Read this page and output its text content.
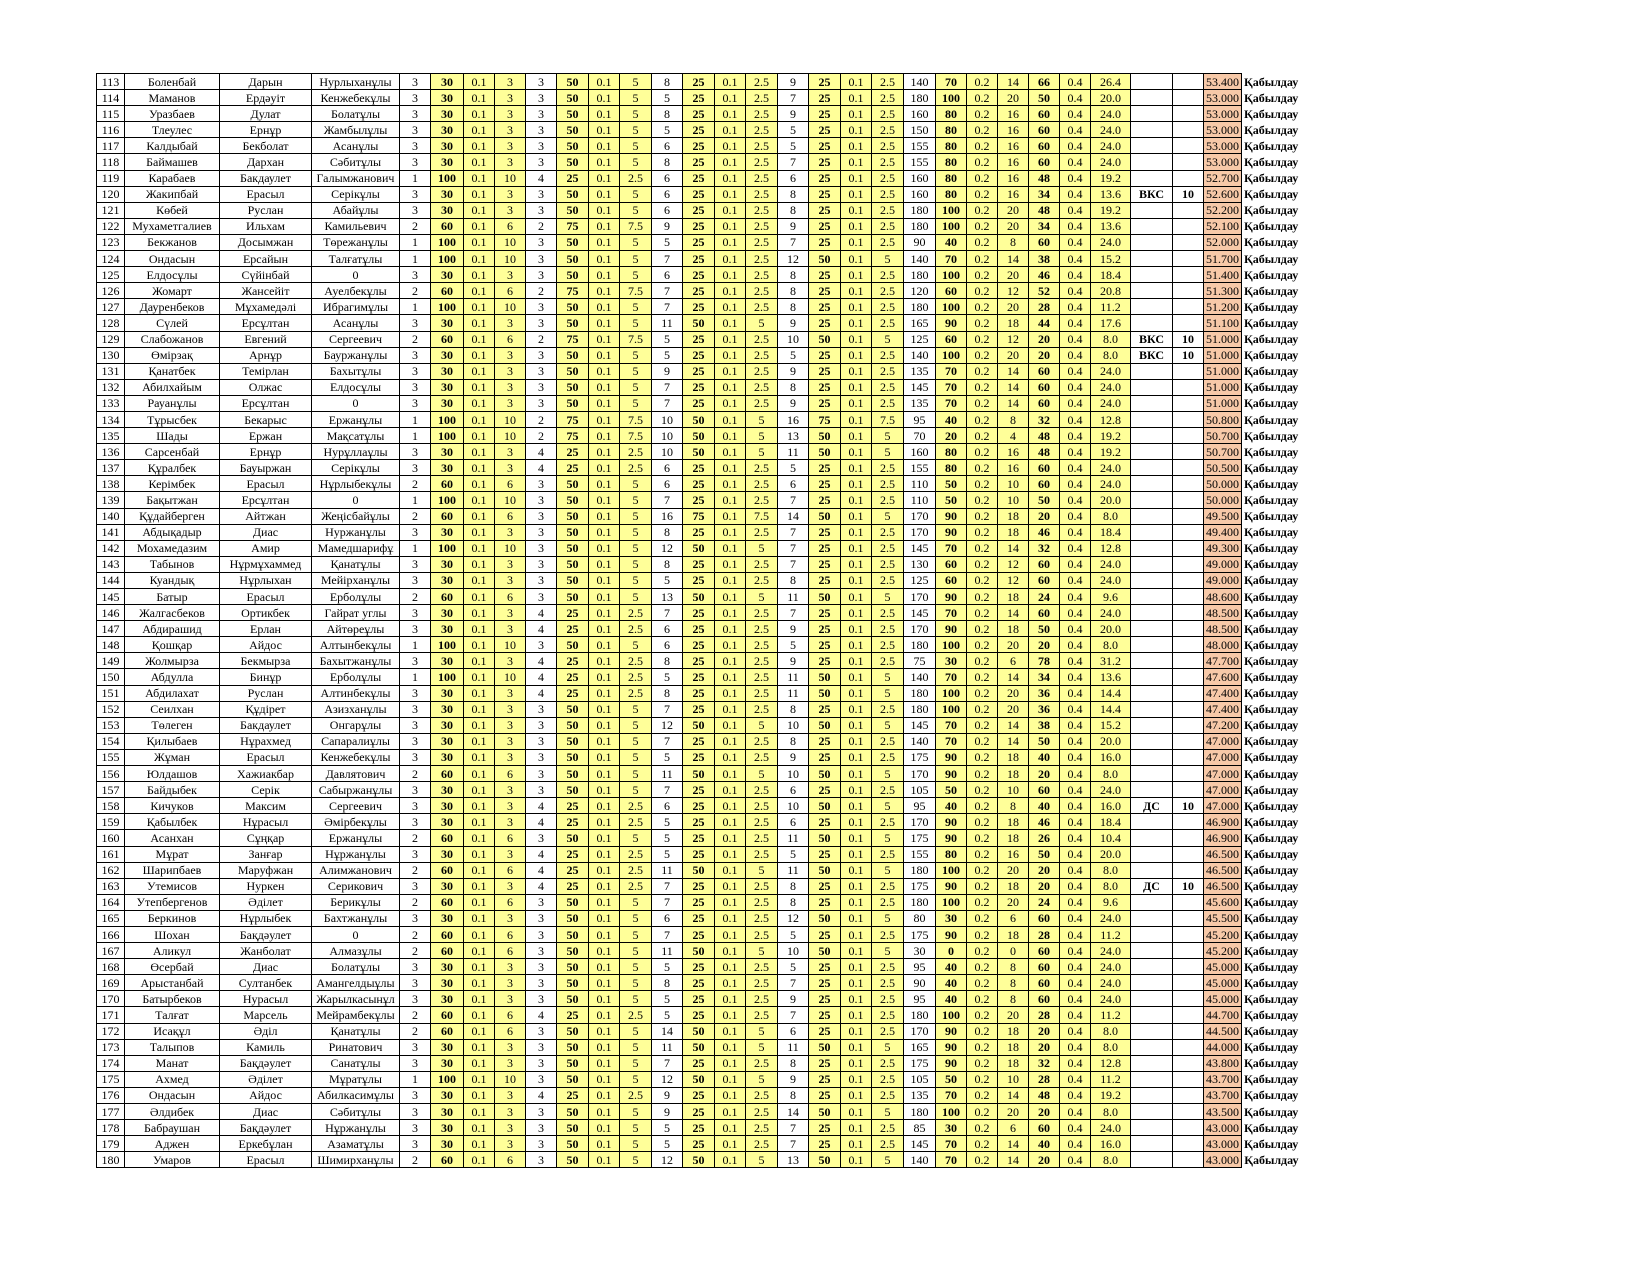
113	Боленбай	Дарын	Нурлыханұлы	3	30	0.1	3	3	50	0.1	5	8	25	0.1	2.5	9	25	0.1	2.5	140	70	0.2	14	66	0.4	26.4			53.400	Қабылдау
114	Маманов	Ердәуіт	Кенжебекұлы	3	30	0.1	3	3	50	0.1	5	5	25	0.1	2.5	7	25	0.1	2.5	180	100	0.2	20	50	0.4	20.0			53.000	Қабылдау
115	Уразбаев	Дулат	Болатұлы	3	30	0.1	3	3	50	0.1	5	8	25	0.1	2.5	9	25	0.1	2.5	160	80	0.2	16	60	0.4	24.0			53.000	Қабылдау
116	Тлеулес	Ернұр	Жамбылұлы	3	30	0.1	3	3	50	0.1	5	5	25	0.1	2.5	5	25	0.1	2.5	150	80	0.2	16	60	0.4	24.0			53.000	Қабылдау
117	Калдыбай	Бекболат	Асанұлы	3	30	0.1	3	3	50	0.1	5	6	25	0.1	2.5	5	25	0.1	2.5	155	80	0.2	16	60	0.4	24.0			53.000	Қабылдау
118	Баймашев	Дархан	Сәбитұлы	3	30	0.1	3	3	50	0.1	5	8	25	0.1	2.5	7	25	0.1	2.5	155	80	0.2	16	60	0.4	24.0			53.000	Қабылдау
119	Карабаев	Бакдаулет	Галымжанович	1	100	0.1	10	4	25	0.1	2.5	6	25	0.1	2.5	6	25	0.1	2.5	160	80	0.2	16	48	0.4	19.2			52.700	Қабылдау
120	Жакипбай	Ерасыл	Серікұлы	3	30	0.1	3	3	50	0.1	5	6	25	0.1	2.5	8	25	0.1	2.5	160	80	0.2	16	34	0.4	13.6	ВКС	10	52.600	Қабылдау
121	Көбей	Руслан	Абайұлы	3	30	0.1	3	3	50	0.1	5	6	25	0.1	2.5	8	25	0.1	2.5	180	100	0.2	20	48	0.4	19.2			52.200	Қабылдау
122	Мухаметгалиев	Ильхам	Камильевич	2	60	0.1	6	2	75	0.1	7.5	9	25	0.1	2.5	9	25	0.1	2.5	180	100	0.2	20	34	0.4	13.6			52.100	Қабылдау
123	Бекжанов	Досымжан	Төрежанұлы	1	100	0.1	10	3	50	0.1	5	5	25	0.1	2.5	7	25	0.1	2.5	90	40	0.2	8	60	0.4	24.0			52.000	Қабылдау
124	Ондасын	Ерсайын	Талғатұлы	1	100	0.1	10	3	50	0.1	5	7	25	0.1	2.5	12	50	0.1	5	140	70	0.2	14	38	0.4	15.2			51.700	Қабылдау
125	Елдосұлы	Сүйінбай	0	3	30	0.1	3	3	50	0.1	5	6	25	0.1	2.5	8	25	0.1	2.5	180	100	0.2	20	46	0.4	18.4			51.400	Қабылдау
126	Жомарт	Жансейіт	Ауелбекұлы	2	60	0.1	6	2	75	0.1	7.5	7	25	0.1	2.5	8	25	0.1	2.5	120	60	0.2	12	52	0.4	20.8			51.300	Қабылдау
127	Дауренбеков	Мұхамедәлі	Ибрагимұлы	1	100	0.1	10	3	50	0.1	5	7	25	0.1	2.5	8	25	0.1	2.5	180	100	0.2	20	28	0.4	11.2			51.200	Қабылдау
128	Сүлей	Ерсұлтан	Асанұлы	3	30	0.1	3	3	50	0.1	5	11	50	0.1	5	9	25	0.1	2.5	165	90	0.2	18	44	0.4	17.6			51.100	Қабылдау
129	Слабожанов	Евгений	Сергеевич	2	60	0.1	6	2	75	0.1	7.5	5	25	0.1	2.5	10	50	0.1	5	125	60	0.2	12	20	0.4	8.0	ВКС	10	51.000	Қабылдау
130	Өмірзақ	Арнұр	Бауржанұлы	3	30	0.1	3	3	50	0.1	5	5	25	0.1	2.5	5	25	0.1	2.5	140	100	0.2	20	20	0.4	8.0	ВКС	10	51.000	Қабылдау
131	Қанатбек	Темірлан	Бахытұлы	3	30	0.1	3	3	50	0.1	5	9	25	0.1	2.5	9	25	0.1	2.5	135	70	0.2	14	60	0.4	24.0			51.000	Қабылдау
132	Абилхайым	Олжас	Елдосұлы	3	30	0.1	3	3	50	0.1	5	7	25	0.1	2.5	8	25	0.1	2.5	145	70	0.2	14	60	0.4	24.0			51.000	Қабылдау
133	Рауанұлы	Ерсұлтан	0	3	30	0.1	3	3	50	0.1	5	7	25	0.1	2.5	9	25	0.1	2.5	135	70	0.2	14	60	0.4	24.0			51.000	Қабылдау
134	Тұрысбек	Бекарыс	Ержанұлы	1	100	0.1	10	2	75	0.1	7.5	10	50	0.1	5	16	75	0.1	7.5	95	40	0.2	8	32	0.4	12.8			50.800	Қабылдау
135	Шады	Ержан	Мақсатұлы	1	100	0.1	10	2	75	0.1	7.5	10	50	0.1	5	13	50	0.1	5	70	20	0.2	4	48	0.4	19.2			50.700	Қабылдау
136	Сарсенбай	Ернұр	Нурұллаұлы	3	30	0.1	3	4	25	0.1	2.5	10	50	0.1	5	11	50	0.1	5	160	80	0.2	16	48	0.4	19.2			50.700	Қабылдау
137	Құралбек	Бауыржан	Серікұлы	3	30	0.1	3	4	25	0.1	2.5	6	25	0.1	2.5	5	25	0.1	2.5	155	80	0.2	16	60	0.4	24.0			50.500	Қабылдау
138	Керімбек	Ерасыл	Нұрлыбекұлы	2	60	0.1	6	3	50	0.1	5	6	25	0.1	2.5	6	25	0.1	2.5	110	50	0.2	10	60	0.4	24.0			50.000	Қабылдау
139	Бақытжан	Ерсұлтан	0	1	100	0.1	10	3	50	0.1	5	7	25	0.1	2.5	7	25	0.1	2.5	110	50	0.2	10	50	0.4	20.0			50.000	Қабылдау
140	Құдайберген	Айтжан	Жеңісбайұлы	2	60	0.1	6	3	50	0.1	5	16	75	0.1	7.5	14	50	0.1	5	170	90	0.2	18	20	0.4	8.0			49.500	Қабылдау
141	Абдықадыр	Диас	Нуржанұлы	3	30	0.1	3	3	50	0.1	5	8	25	0.1	2.5	7	25	0.1	2.5	170	90	0.2	18	46	0.4	18.4			49.400	Қабылдау
142	Мохамедазим	Амир	Мамедшарифұ	1	100	0.1	10	3	50	0.1	5	12	50	0.1	5	7	25	0.1	2.5	145	70	0.2	14	32	0.4	12.8			49.300	Қабылдау
143	Табынов	Нұрмұхаммед	Қанатұлы	3	30	0.1	3	3	50	0.1	5	8	25	0.1	2.5	7	25	0.1	2.5	130	60	0.2	12	60	0.4	24.0			49.000	Қабылдау
144	Куандық	Нұрлыхан	Мейірханұлы	3	30	0.1	3	3	50	0.1	5	5	25	0.1	2.5	8	25	0.1	2.5	125	60	0.2	12	60	0.4	24.0			49.000	Қабылдау
145	Батыр	Ерасыл	Ерболұлы	2	60	0.1	6	3	50	0.1	5	13	50	0.1	5	11	50	0.1	5	170	90	0.2	18	24	0.4	9.6			48.600	Қабылдау
146	Жалгасбеков	Ортикбек	Гайрат углы	3	30	0.1	3	4	25	0.1	2.5	7	25	0.1	2.5	7	25	0.1	2.5	145	70	0.2	14	60	0.4	24.0			48.500	Қабылдау
147	Абдирашид	Ерлан	Айтөреұлы	3	30	0.1	3	4	25	0.1	2.5	6	25	0.1	2.5	9	25	0.1	2.5	170	90	0.2	18	50	0.4	20.0			48.500	Қабылдау
148	Қошқар	Айдос	Алтынбекұлы	1	100	0.1	10	3	50	0.1	5	6	25	0.1	2.5	5	25	0.1	2.5	180	100	0.2	20	20	0.4	8.0			48.000	Қабылдау
149	Жолмырза	Бекмырза	Бахытжанұлы	3	30	0.1	3	4	25	0.1	2.5	8	25	0.1	2.5	9	25	0.1	2.5	75	30	0.2	6	78	0.4	31.2			47.700	Қабылдау
150	Абдулла	Бинұр	Ерболұлы	1	100	0.1	10	4	25	0.1	2.5	5	25	0.1	2.5	11	50	0.1	5	140	70	0.2	14	34	0.4	13.6			47.600	Қабылдау
151	Абдилахат	Руслан	Алтинбекұлы	3	30	0.1	3	4	25	0.1	2.5	8	25	0.1	2.5	11	50	0.1	5	180	100	0.2	20	36	0.4	14.4			47.400	Қабылдау
152	Сеилхан	Құдірет	Азизханұлы	3	30	0.1	3	3	50	0.1	5	7	25	0.1	2.5	8	25	0.1	2.5	180	100	0.2	20	36	0.4	14.4			47.400	Қабылдау
153	Төлеген	Бакдаулет	Онгарұлы	3	30	0.1	3	3	50	0.1	5	12	50	0.1	5	10	50	0.1	5	145	70	0.2	14	38	0.4	15.2			47.200	Қабылдау
154	Қилыбаев	Нұрахмед	Сапаралиұлы	3	30	0.1	3	3	50	0.1	5	7	25	0.1	2.5	8	25	0.1	2.5	140	70	0.2	14	50	0.4	20.0			47.000	Қабылдау
155	Жұман	Ерасыл	Кенжебекұлы	3	30	0.1	3	3	50	0.1	5	5	25	0.1	2.5	9	25	0.1	2.5	175	90	0.2	18	40	0.4	16.0			47.000	Қабылдау
156	Юлдашов	Хажиакбар	Давлятович	2	60	0.1	6	3	50	0.1	5	11	50	0.1	5	10	50	0.1	5	170	90	0.2	18	20	0.4	8.0			47.000	Қабылдау
157	Байдыбек	Серік	Сабыржанұлы	3	30	0.1	3	3	50	0.1	5	7	25	0.1	2.5	6	25	0.1	2.5	105	50	0.2	10	60	0.4	24.0			47.000	Қабылдау
158	Кичуков	Максим	Сергеевич	3	30	0.1	3	4	25	0.1	2.5	6	25	0.1	2.5	10	50	0.1	5	95	40	0.2	8	40	0.4	16.0	ДС	10	47.000	Қабылдау
159	Қабылбек	Нұрасыл	Әмірбекұлы	3	30	0.1	3	4	25	0.1	2.5	5	25	0.1	2.5	6	25	0.1	2.5	170	90	0.2	18	46	0.4	18.4			46.900	Қабылдау
160	Асанхан	Сұңқар	Ержанұлы	2	60	0.1	6	3	50	0.1	5	5	25	0.1	2.5	11	50	0.1	5	175	90	0.2	18	26	0.4	10.4			46.900	Қабылдау
161	Мұрат	Занғар	Нұржанұлы	3	30	0.1	3	4	25	0.1	2.5	5	25	0.1	2.5	5	25	0.1	2.5	155	80	0.2	16	50	0.4	20.0			46.500	Қабылдау
162	Шарипбаев	Маруфжан	Алимжанович	2	60	0.1	6	4	25	0.1	2.5	11	50	0.1	5	11	50	0.1	5	180	100	0.2	20	20	0.4	8.0			46.500	Қабылдау
163	Утемисов	Нуркен	Серикович	3	30	0.1	3	4	25	0.1	2.5	7	25	0.1	2.5	8	25	0.1	2.5	175	90	0.2	18	20	0.4	8.0	ДС	10	46.500	Қабылдау
164	Утепбергенов	Әділет	Берикұлы	2	60	0.1	6	3	50	0.1	5	7	25	0.1	2.5	8	25	0.1	2.5	180	100	0.2	20	24	0.4	9.6			45.600	Қабылдау
165	Беркинов	Нұрлыбек	Бахтжанұлы	3	30	0.1	3	3	50	0.1	5	6	25	0.1	2.5	12	50	0.1	5	80	30	0.2	6	60	0.4	24.0			45.500	Қабылдау
166	Шохан	Бақдәулет	0	2	60	0.1	6	3	50	0.1	5	7	25	0.1	2.5	5	25	0.1	2.5	175	90	0.2	18	28	0.4	11.2			45.200	Қабылдау
167	Аликул	Жанболат	Алмазұлы	2	60	0.1	6	3	50	0.1	5	11	50	0.1	5	10	50	0.1	5	30	0	0.2	0	60	0.4	24.0			45.200	Қабылдау
168	Өсербай	Диас	Болатұлы	3	30	0.1	3	3	50	0.1	5	5	25	0.1	2.5	5	25	0.1	2.5	95	40	0.2	8	60	0.4	24.0			45.000	Қабылдау
169	Арыстанбай	Султанбек	Амангелдыұлы	3	30	0.1	3	3	50	0.1	5	8	25	0.1	2.5	7	25	0.1	2.5	90	40	0.2	8	60	0.4	24.0			45.000	Қабылдау
170	Батырбеков	Нурасыл	Жарылкасынұл	3	30	0.1	3	3	50	0.1	5	5	25	0.1	2.5	9	25	0.1	2.5	95	40	0.2	8	60	0.4	24.0			45.000	Қабылдау
171	Талғат	Марсель	Мейрамбекұлы	2	60	0.1	6	4	25	0.1	2.5	5	25	0.1	2.5	7	25	0.1	2.5	180	100	0.2	20	28	0.4	11.2			44.700	Қабылдау
172	Исақұл	Әділ	Қанатұлы	2	60	0.1	6	3	50	0.1	5	14	50	0.1	5	6	25	0.1	2.5	170	90	0.2	18	20	0.4	8.0			44.500	Қабылдау
173	Талыпов	Камиль	Ринатович	3	30	0.1	3	3	50	0.1	5	11	50	0.1	5	11	50	0.1	5	165	90	0.2	18	20	0.4	8.0			44.000	Қабылдау
174	Манат	Бақдәулет	Санатұлы	3	30	0.1	3	3	50	0.1	5	7	25	0.1	2.5	8	25	0.1	2.5	175	90	0.2	18	32	0.4	12.8			43.800	Қабылдау
175	Ахмед	Әділет	Мұратұлы	1	100	0.1	10	3	50	0.1	5	12	50	0.1	5	9	25	0.1	2.5	105	50	0.2	10	28	0.4	11.2			43.700	Қабылдау
176	Ондасын	Айдос	Абилкасимұлы	3	30	0.1	3	4	25	0.1	2.5	9	25	0.1	2.5	8	25	0.1	2.5	135	70	0.2	14	48	0.4	19.2			43.700	Қабылдау
177	Әлдибек	Диас	Сәбитұлы	3	30	0.1	3	3	50	0.1	5	9	25	0.1	2.5	14	50	0.1	5	180	100	0.2	20	20	0.4	8.0			43.500	Қабылдау
178	Бабраушан	Бақдәулет	Нұржанұлы	3	30	0.1	3	3	50	0.1	5	5	25	0.1	2.5	7	25	0.1	2.5	85	30	0.2	6	60	0.4	24.0			43.000	Қабылдау
179	Аджен	Еркебұлан	Азаматұлы	3	30	0.1	3	3	50	0.1	5	5	25	0.1	2.5	7	25	0.1	2.5	145	70	0.2	14	40	0.4	16.0			43.000	Қабылдау
180	Умаров	Ерасыл	Шимирханұлы	2	60	0.1	6	3	50	0.1	5	12	50	0.1	5	13	50	0.1	5	140	70	0.2	14	20	0.4	8.0			43.000	Қабылдау
